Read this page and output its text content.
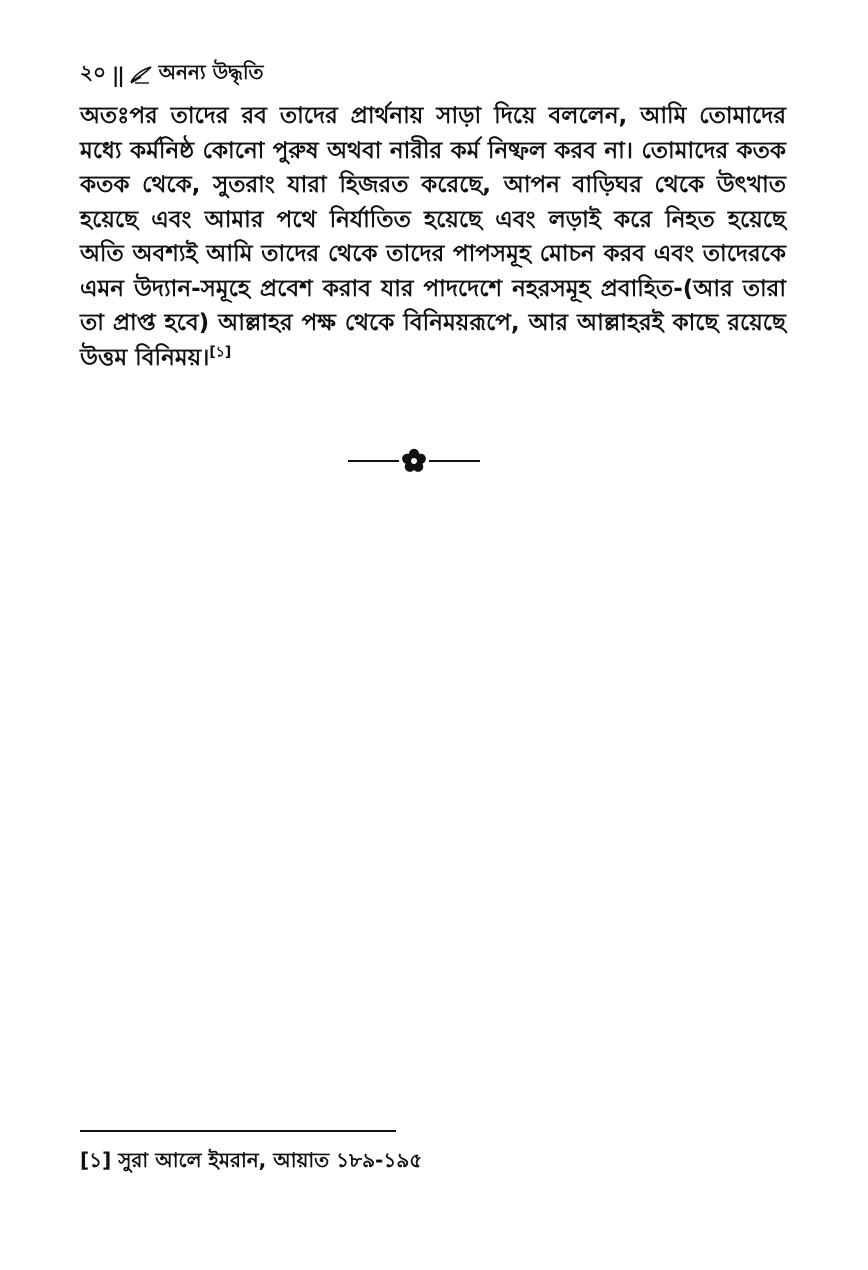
২০ || অনন্য উদ্ধৃতি

অতঃপর তাদের রব তাদের প্রার্থনায় সাড়া দিয়ে বললেন, আমি তোমাদের মধ্যে কর্মনিষ্ঠ কোনো পুরুষ অথবা নারীর কর্ম নিষ্ফল করব না। তোমাদের কতক কতক থেকে, সুতরাং যারা হিজরত করেছে, আপন বাড়িঘর থেকে উৎখাত হয়েছে এবং আমার পথে নির্যাতিত হয়েছে এবং লড়াই করে নিহত হয়েছে অতি অবশ্যই আমি তাদের থেকে তাদের পাপসমূহ মোচন করব এবং তাদেরকে এমন উদ্যান-সমূহে প্রবেশ করাব যার পাদদেশে নহরসমূহ প্রবাহিত-(আর তারা তা প্রাপ্ত হবে) আল্লাহর পক্ষ থেকে বিনিময়রূপে, আর আল্লাহরই কাছে রয়েছে উত্তম বিনিময়।[১]

[১] সুরা আলে ইমরান, আয়াত ১৮৯-১৯৫
